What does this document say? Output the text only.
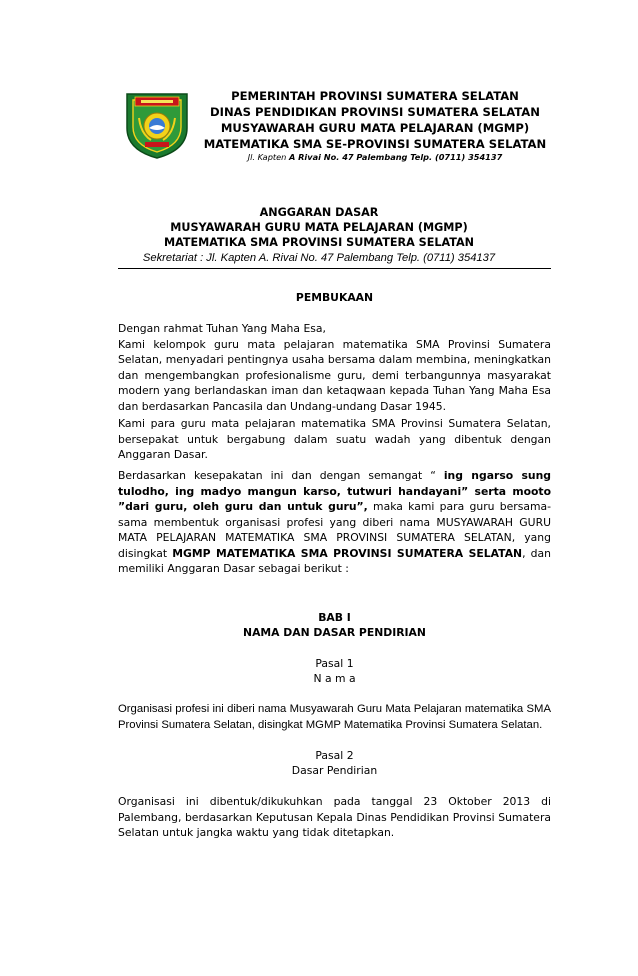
PEMERINTAH PROVINSI SUMATERA SELATAN
DINAS PENDIDIKAN PROVINSI SUMATERA SELATAN
MUSYAWARAH GURU MATA PELAJARAN (MGMP)
MATEMATIKA SMA SE-PROVINSI SUMATERA SELATAN
Jl. Kapten A Rivai No. 47 Palembang Telp. (0711) 354137
ANGGARAN DASAR
MUSYAWARAH GURU MATA PELAJARAN (MGMP)
MATEMATIKA SMA PROVINSI SUMATERA SELATAN
Sekretariat : Jl. Kapten A. Rivai No. 47 Palembang Telp. (0711) 354137
PEMBUKAAN
Dengan rahmat Tuhan Yang Maha Esa,
Kami kelompok guru mata pelajaran matematika SMA Provinsi Sumatera Selatan, menyadari pentingnya usaha bersama dalam membina, meningkatkan dan mengembangkan profesionalisme guru, demi terbangunnya masyarakat modern yang berlandaskan iman dan ketaqwaan kepada Tuhan Yang Maha Esa dan berdasarkan Pancasila dan Undang-undang Dasar 1945.
Kami para guru mata pelajaran matematika SMA Provinsi Sumatera Selatan, bersepakat untuk bergabung dalam suatu wadah yang dibentuk dengan Anggaran Dasar.
Berdasarkan kesepakatan ini dan dengan semangat “ ing ngarso sung tulodho, ing madyo mangun karso, tutwuri handayani” serta mooto ”dari guru, oleh guru dan untuk guru”, maka kami para guru bersama-sama membentuk organisasi profesi yang diberi nama MUSYAWARAH GURU MATA PELAJARAN MATEMATIKA SMA PROVINSI SUMATERA SELATAN, yang disingkat MGMP MATEMATIKA SMA PROVINSI SUMATERA SELATAN, dan memiliki Anggaran Dasar sebagai berikut :
BAB I
NAMA DAN DASAR PENDIRIAN
Pasal 1
N a m a
Organisasi profesi ini diberi nama Musyawarah Guru Mata Pelajaran matematika SMA Provinsi Sumatera Selatan, disingkat MGMP Matematika Provinsi Sumatera Selatan.
Pasal 2
Dasar Pendirian
Organisasi ini dibentuk/dikukuhkan pada tanggal 23 Oktober 2013 di Palembang, berdasarkan Keputusan Kepala Dinas Pendidikan Provinsi Sumatera Selatan untuk jangka waktu yang tidak ditetapkan.
